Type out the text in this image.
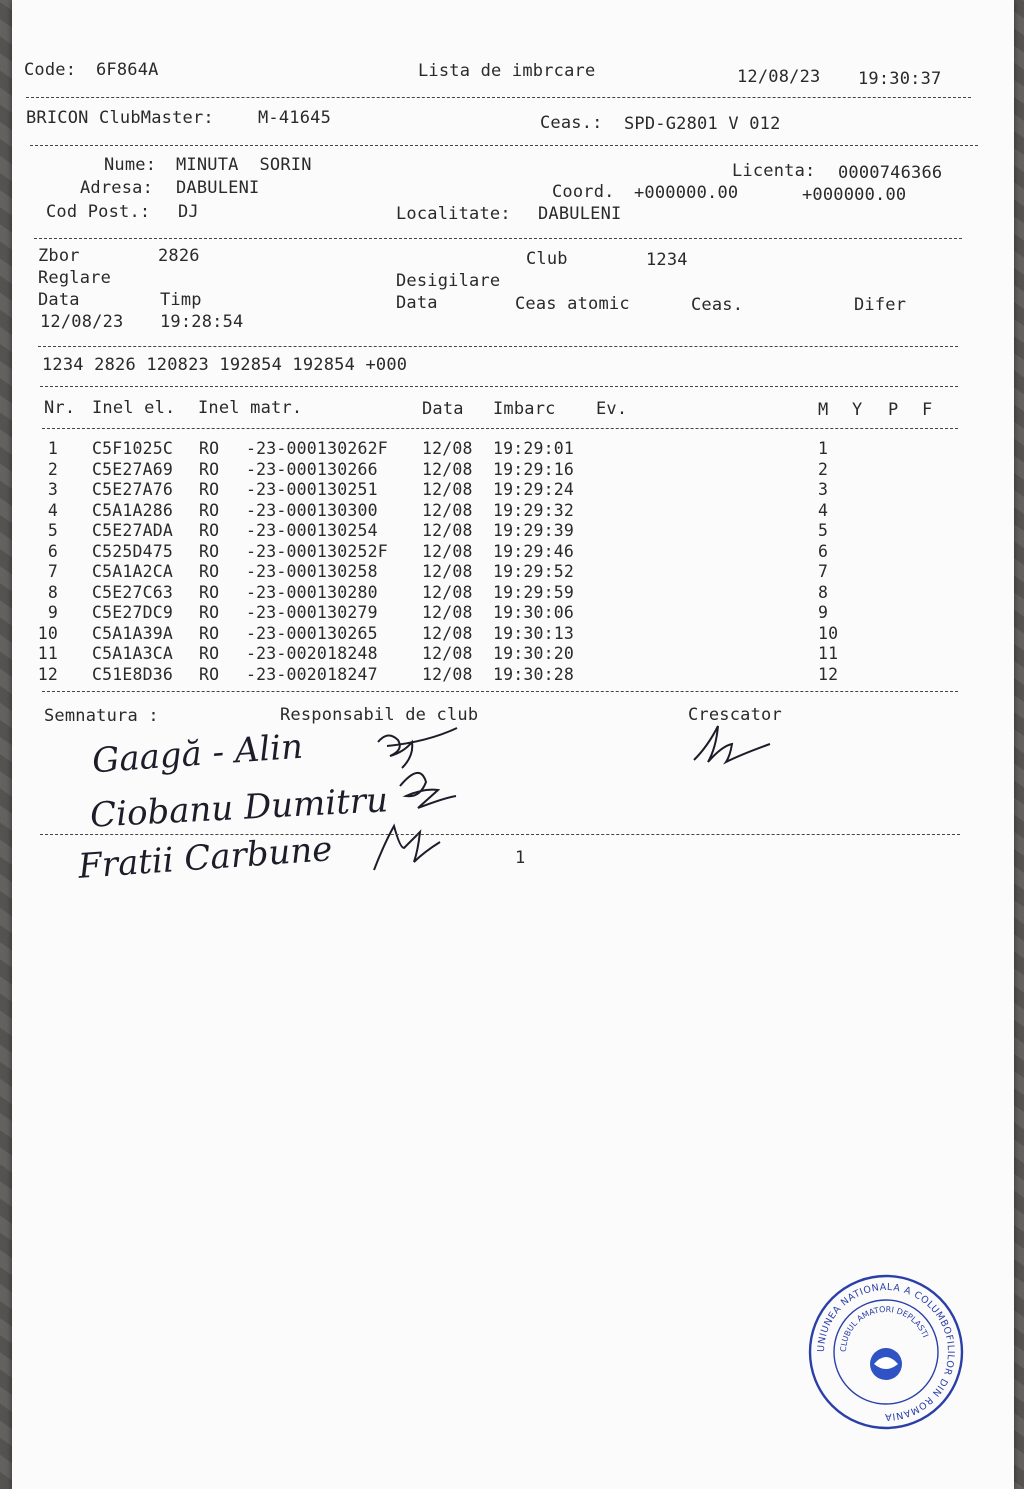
Code: 6F864A	Lista de imbrcare	12/08/23 19:30:37
BRICON ClubMaster:	M-41645	Ceas.: SPD-G2801 V 012
Nume: MINUTA  SORIN	Licenta: 0000746366
Adresa: DABULENI	Coord. +000000.00	+000000.00
Cod Post.: DJ	Localitate: DABULENI
Zbor	2826	Club	1234
Reglare	Desigilare
Data	Timp	Data	Ceas atomic	Ceas.	Difer
12/08/23 19:28:54
1234 2826 120823 192854 192854 +000
Nr. Inel el. Inel matr.	Data Imbarc Ev.	M Y P F
1 C5F1025C RO -23-000130262F 12/08 19:29:01	1
2 C5E27A69 RO -23-000130266	12/08 19:29:16	2
3 C5E27A76 RO -23-000130251	12/08 19:29:24	3
4 C5A1A286 RO -23-000130300	12/08 19:29:32	4
5 C5E27ADA RO -23-000130254	12/08 19:29:39	5
6 C525D475 RO -23-000130252F 12/08 19:29:46	6
7 C5A1A2CA RO -23-000130258	12/08 19:29:52	7
8 C5E27C63 RO -23-000130280	12/08 19:29:59	8
9 C5E27DC9 RO -23-000130279	12/08 19:30:06	9
10 C5A1A39A RO -23-000130265	12/08 19:30:13	10
11 C5A1A3CA RO -23-002018248	12/08 19:30:20	11
12 C51E8D36 RO -23-002018247	12/08 19:30:28	12
Semnatura :	Responsabil de club	Crescator
Gaagă - Alin
Ciobanu Dumitru
Fratii Carbune	1
UNIUNEA NATIONALA A COLUMBOFILILOR DIN ROMANIA
CLUBUL AMATORI DEPLASTI
